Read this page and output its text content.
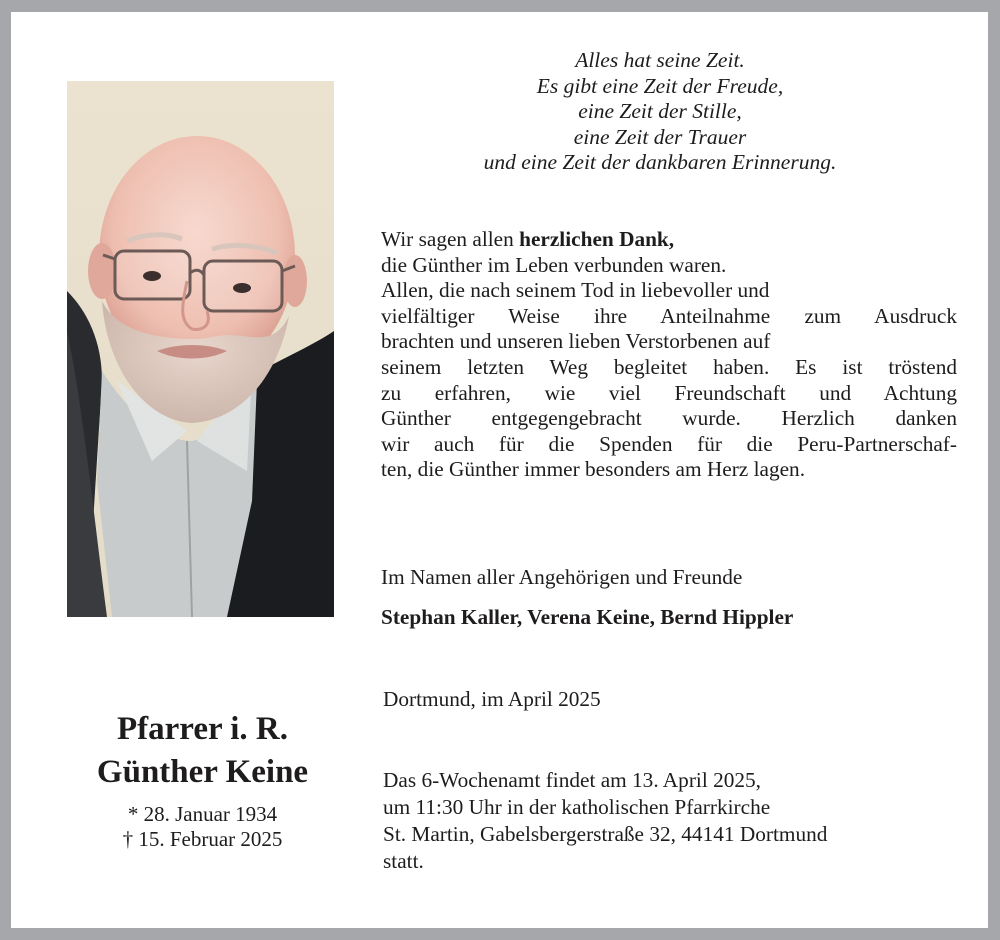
Alles hat seine Zeit.
Es gibt eine Zeit der Freude,
eine Zeit der Stille,
eine Zeit der Trauer
und eine Zeit der dankbaren Erinnerung.
Wir sagen allen herzlichen Dank,
die Günther im Leben verbunden waren.
Allen, die nach seinem Tod in liebevoller und
vielfältiger Weise ihre Anteilnahme zum Ausdruck
brachten und unseren lieben Verstorbenen auf
seinem letzten Weg begleitet haben. Es ist tröstend
zu erfahren, wie viel Freundschaft und Achtung
Günther entgegengebracht wurde. Herzlich danken
wir auch für die Spenden für die Peru-Partnerschaf-
ten, die Günther immer besonders am Herz lagen.
Im Namen aller Angehörigen und Freunde
Stephan Kaller, Verena Keine, Bernd Hippler
Dortmund, im April 2025
Das 6-Wochenamt findet am 13. April 2025,
um 11:30 Uhr in der katholischen Pfarrkirche
St. Martin, Gabelsbergerstraße 32, 44141 Dortmund
statt.
Pfarrer i. R.
Günther Keine
* 28. Januar 1934
† 15. Februar 2025
